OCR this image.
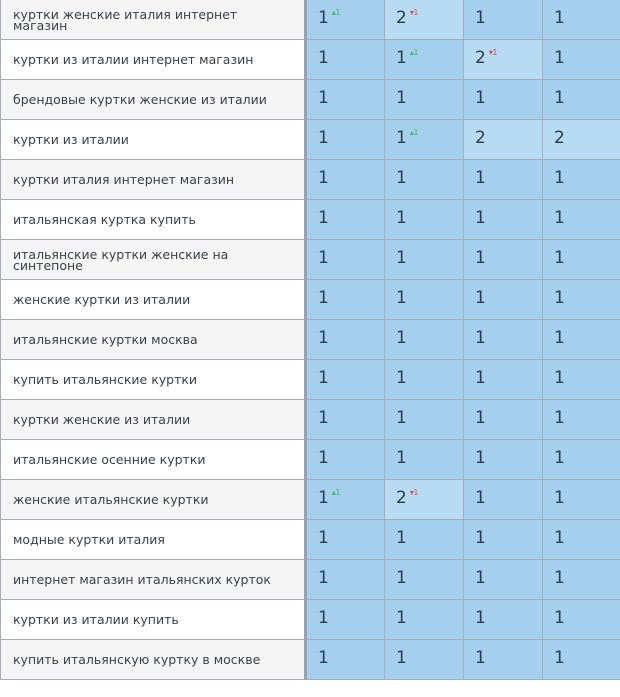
куртки женские италия интернет магазин	1 $^{▴1}$	2 $^{▾1}$	1	1
куртки из италии интернет магазин	1	1 $^{▴1}$	2 $^{▾1}$	1
брендовые куртки женские из италии	1	1	1	1
куртки из италии	1	1 $^{▴1}$	2	2
куртки италия интернет магазин	1	1	1	1
итальянская куртка купить	1	1	1	1
итальянские куртки женские на синтепоне	1	1	1	1
женские куртки из италии	1	1	1	1
итальянские куртки москва	1	1	1	1
купить итальянские куртки	1	1	1	1
куртки женские из италии	1	1	1	1
итальянские осенние куртки	1	1	1	1
женские итальянские куртки	1 $^{▴1}$	2 $^{▾1}$	1	1
модные куртки италия	1	1	1	1
интернет магазин итальянских курток	1	1	1	1
куртки из италии купить	1	1	1	1
купить итальянскую куртку в москве	1	1	1	1
